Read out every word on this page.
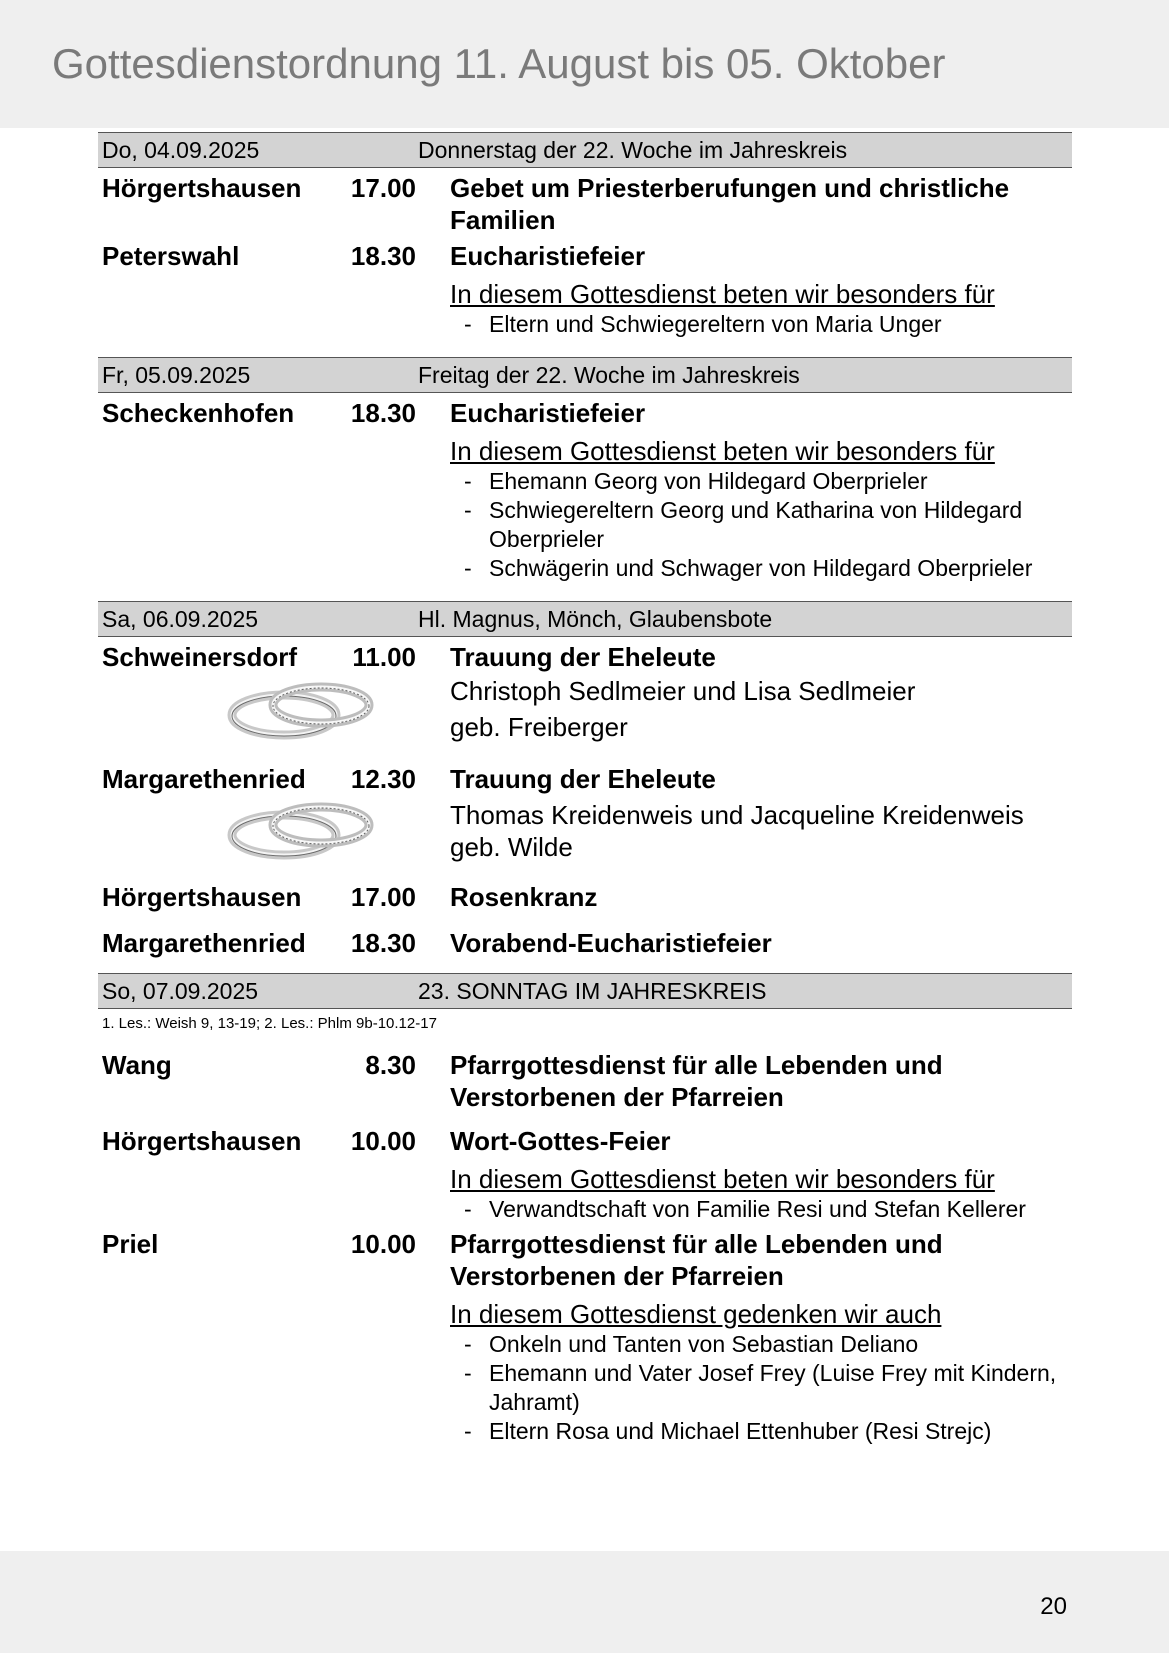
Gottesdienstordnung 11. August bis 05. Oktober
Do, 04.09.2025	Donnerstag der 22. Woche im Jahreskreis
Hörgertshausen	17.00 Gebet um Priesterberufungen und christliche Familien
Peterswahl	18.30 Eucharistiefeier
In diesem Gottesdienst beten wir besonders für
- Eltern und Schwiegereltern von Maria Unger
Fr, 05.09.2025	Freitag der 22. Woche im Jahreskreis
Scheckenhofen	18.30 Eucharistiefeier
In diesem Gottesdienst beten wir besonders für
- Ehemann Georg von Hildegard Oberprieler
- Schwiegereltern Georg und Katharina von Hildegard Oberprieler
- Schwägerin und Schwager von Hildegard Oberprieler
Sa, 06.09.2025	Hl. Magnus, Mönch, Glaubensbote
Schweinersdorf	11.00 Trauung der Eheleute
Christoph Sedlmeier und Lisa Sedlmeier
geb. Freiberger
Margarethenried	12.30 Trauung der Eheleute
Thomas Kreidenweis und Jacqueline Kreidenweis
geb. Wilde
Hörgertshausen	17.00 Rosenkranz
Margarethenried	18.30 Vorabend-Eucharistiefeier
So, 07.09.2025	23. SONNTAG IM JAHRESKREIS
1. Les.: Weish 9, 13-19; 2. Les.: Phlm 9b-10.12-17
Wang	8.30 Pfarrgottesdienst für alle Lebenden und Verstorbenen der Pfarreien
Hörgertshausen	10.00 Wort-Gottes-Feier
In diesem Gottesdienst beten wir besonders für
- Verwandtschaft von Familie Resi und Stefan Kellerer
Priel	10.00 Pfarrgottesdienst für alle Lebenden und Verstorbenen der Pfarreien
In diesem Gottesdienst gedenken wir auch
- Onkeln und Tanten von Sebastian Deliano
- Ehemann und Vater Josef Frey (Luise Frey mit Kindern, Jahramt)
- Eltern Rosa und Michael Ettenhuber (Resi Strejc)
20
